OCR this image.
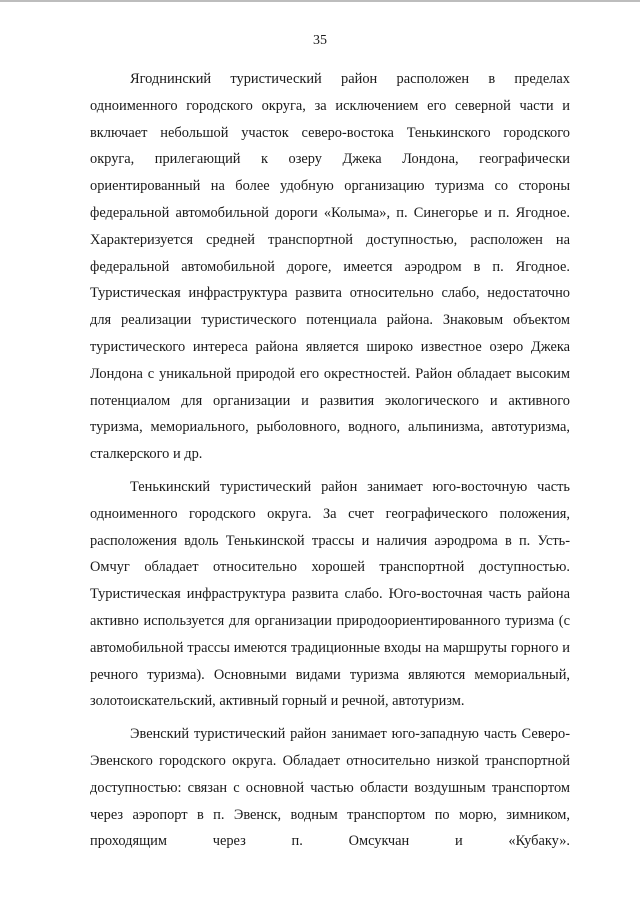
35

Ягоднинский туристический район расположен в пределах одноименного городского округа, за исключением его северной части и включает небольшой участок северо-востока Тенькинского городского округа, прилегающий к озеру Джека Лондона, географически ориентированный на более удобную организацию туризма со стороны федеральной автомобильной дороги «Колыма», п. Синегорье и п. Ягодное. Характеризуется средней транспортной доступностью, расположен на федеральной автомобильной дороге, имеется аэродром в п. Ягодное. Туристическая инфраструктура развита относительно слабо, недостаточно для реализации туристического потенциала района. Знаковым объектом туристического интереса района является широко известное озеро Джека Лондона с уникальной природой его окрестностей. Район обладает высоким потенциалом для организации и развития экологического и активного туризма, мемориального, рыболовного, водного, альпинизма, автотуризма, сталкерского и др.

Тенькинский туристический район занимает юго-восточную часть одноименного городского округа. За счет географического положения, расположения вдоль Тенькинской трассы и наличия аэродрома в п. Усть-Омчуг обладает относительно хорошей транспортной доступностью. Туристическая инфраструктура развита слабо. Юго-восточная часть района активно используется для организации природоориентированного туризма (с автомобильной трассы имеются традиционные входы на маршруты горного и речного туризма). Основными видами туризма являются мемориальный, золотоискательский, активный горный и речной, автотуризм.

Эвенский туристический район занимает юго-западную часть Северо-Эвенского городского округа. Обладает относительно низкой транспортной доступностью: связан с основной частью области воздушным транспортом через аэропорт в п. Эвенск, водным транспортом по морю, зимником, проходящим через п. Омсукчан и «Кубаку».
